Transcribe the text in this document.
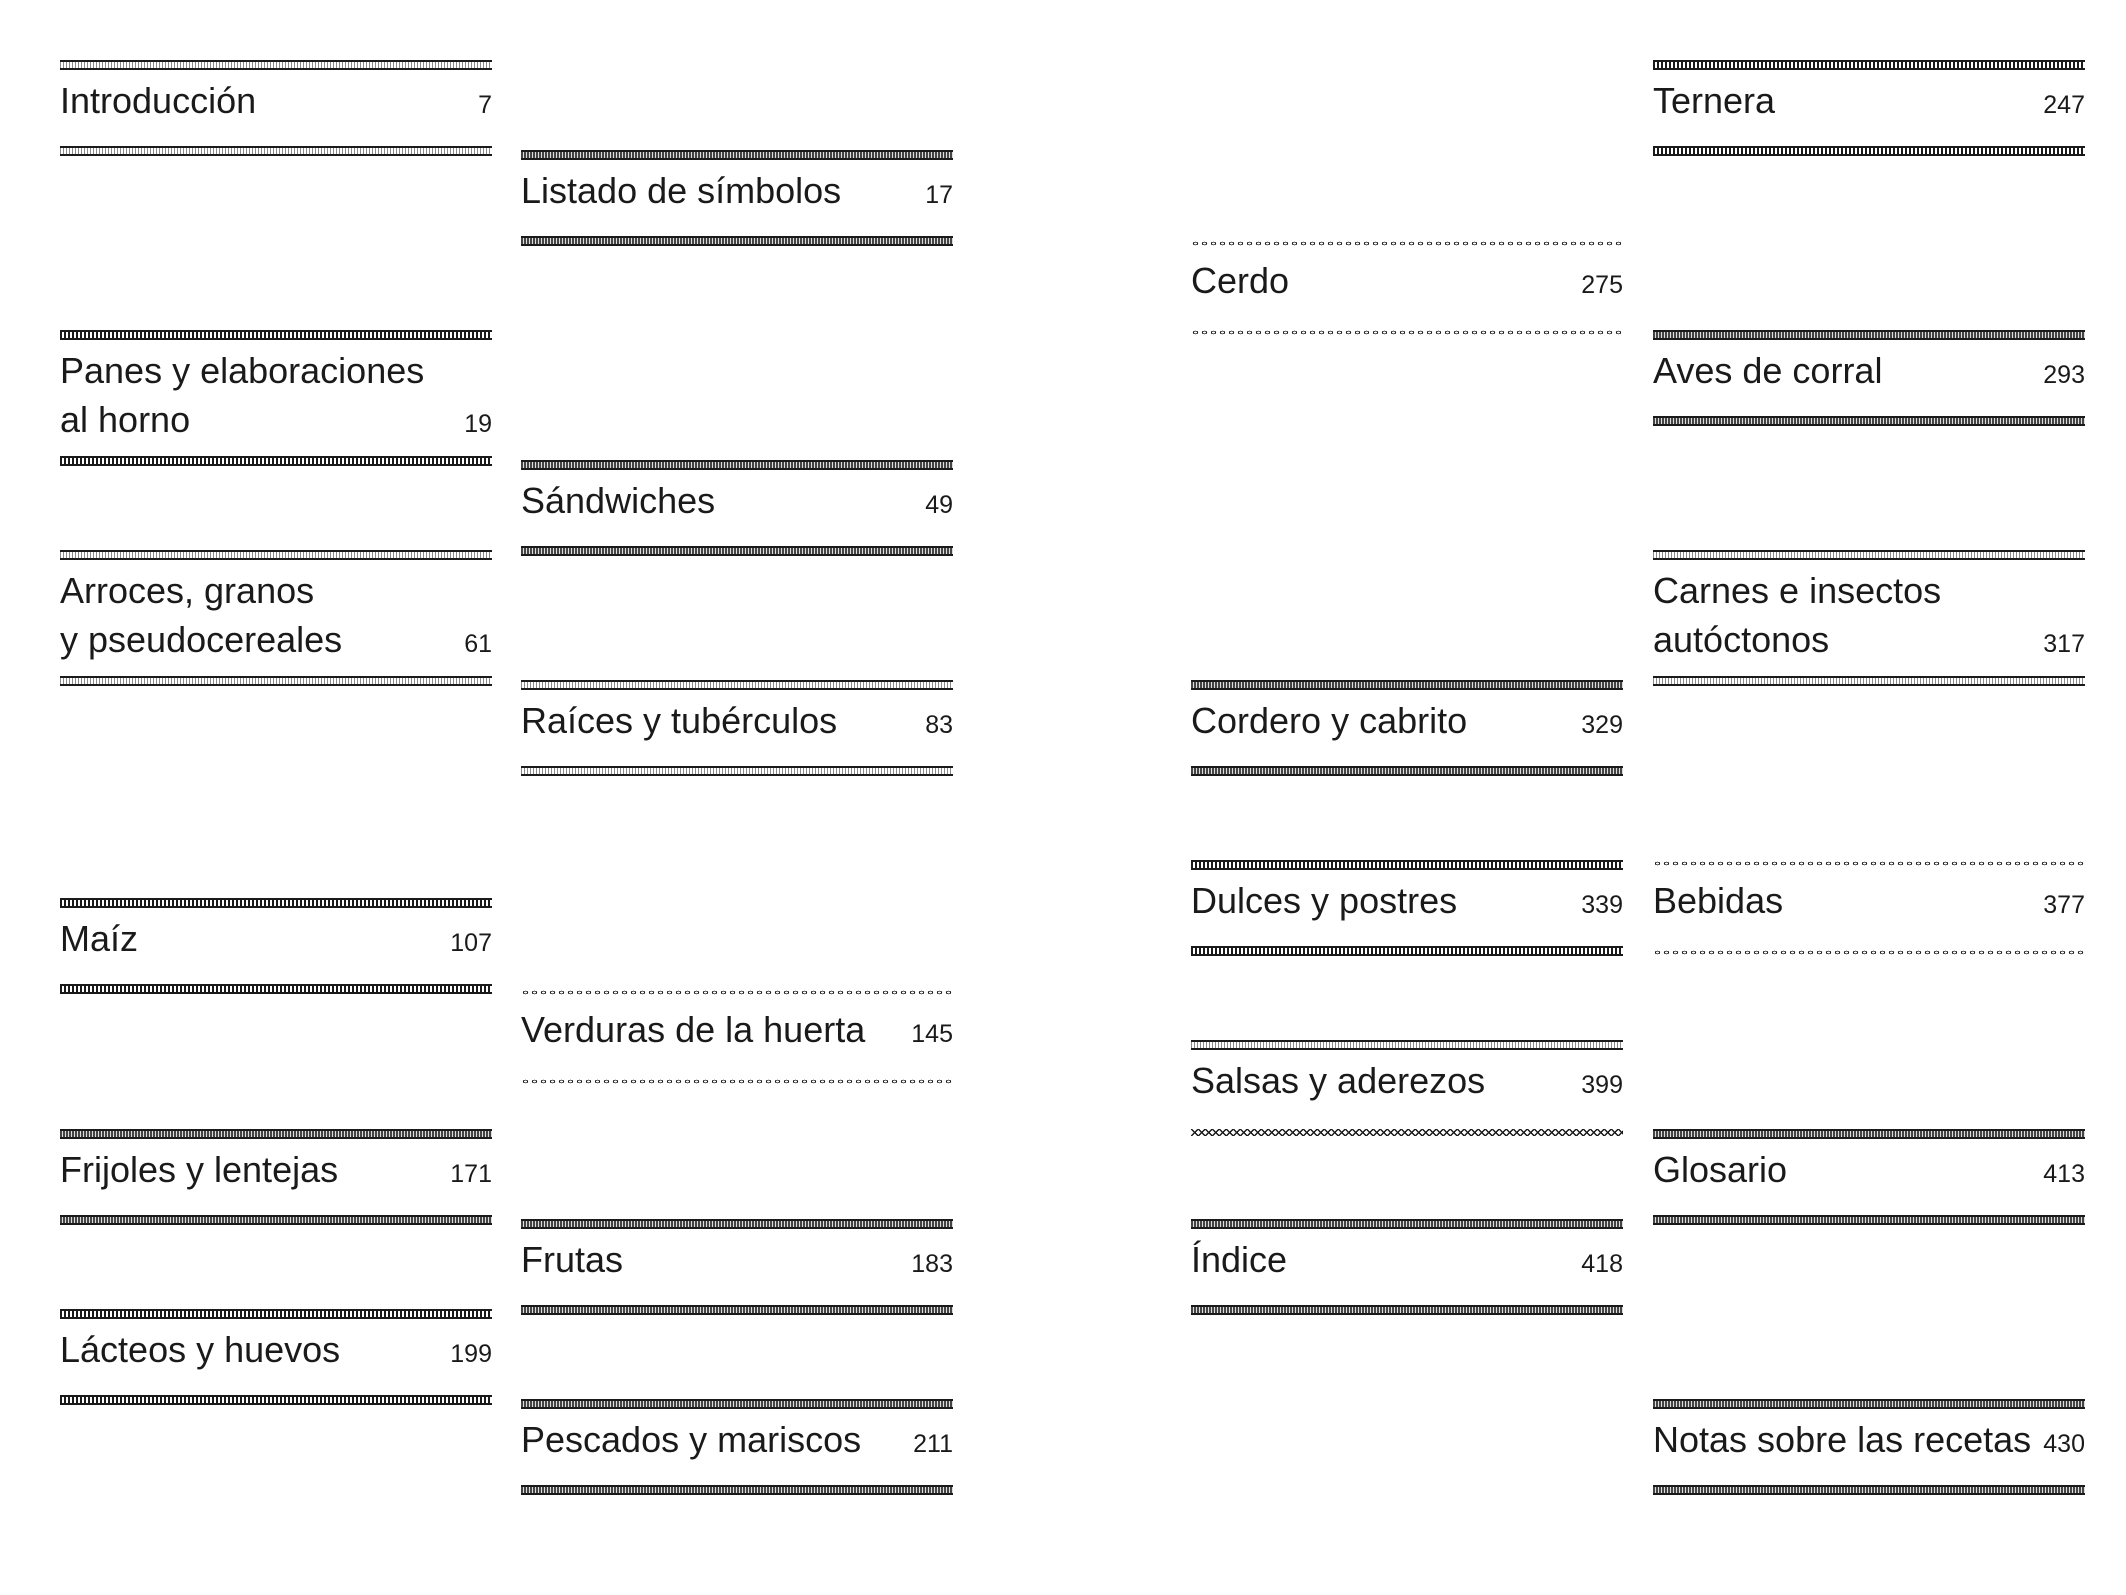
Introducción	7
Panes y elaboraciones
al horno	19
Arroces, granos
y pseudocereales	61
Maíz	107
Frijoles y lentejas	171
Lácteos y huevos	199
Listado de símbolos	17
Sándwiches	49
Raíces y tubérculos	83
Verduras de la huerta 145
Frutas	183
Pescados y mariscos 211
Cerdo	275
Cordero y cabrito	329
Dulces y postres	339
Salsas y aderezos	399
Índice	418
Ternera	247
Aves de corral	293
Carnes e insectos
autóctonos	317
Bebidas	377
Glosario	413
Notas sobre las recetas 430
